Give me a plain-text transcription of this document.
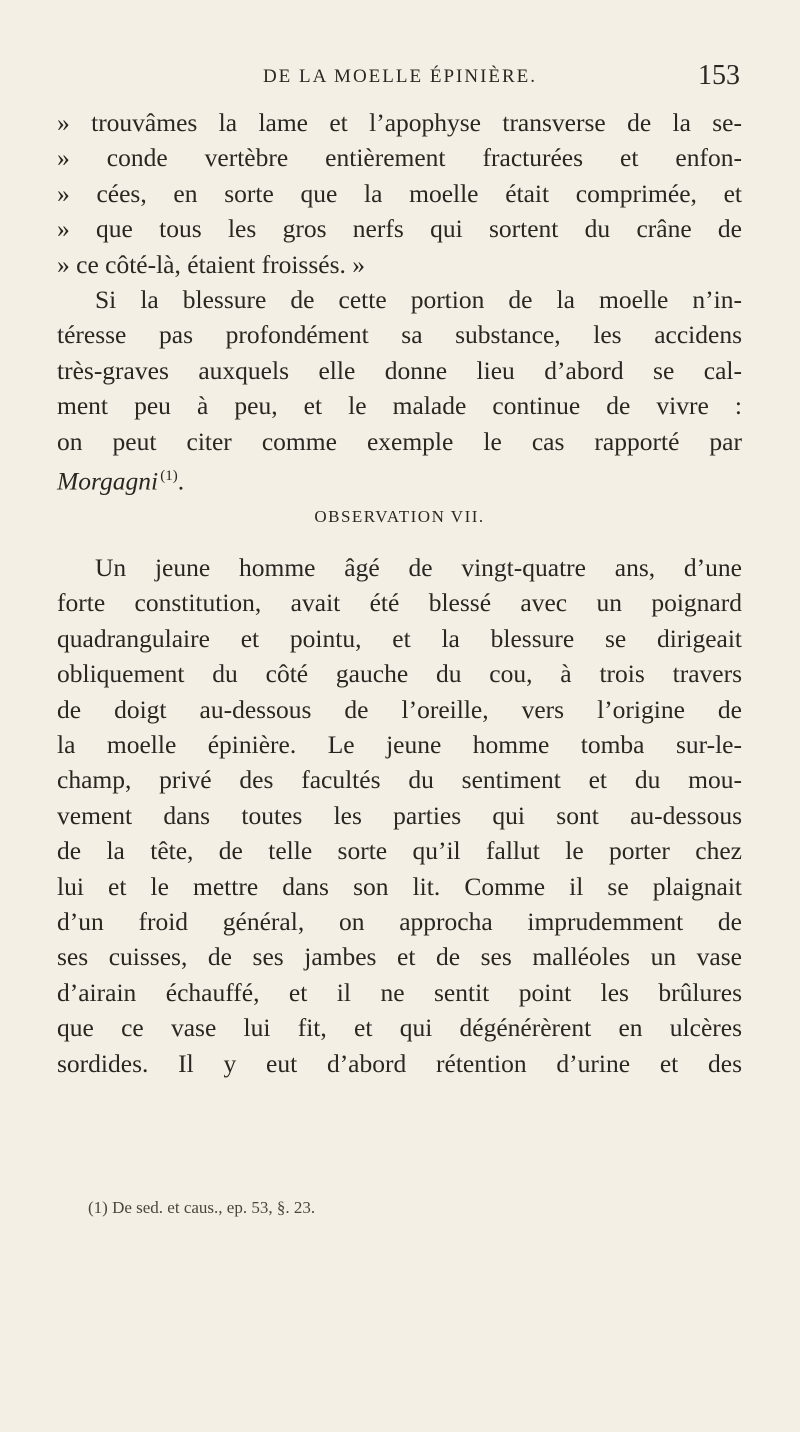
DE LA MOELLE ÉPINIÈRE.	153
» trouvâmes la lame et l’apophyse transverse de la se-
» conde vertèbre entièrement fracturées et enfon-
» cées, en sorte que la moelle était comprimée, et
» que tous les gros nerfs qui sortent du crâne de
» ce côté-là, étaient froissés. »
Si la blessure de cette portion de la moelle n’in-
téresse pas profondément sa substance, les accidens
très-graves auxquels elle donne lieu d’abord se cal-
ment peu à peu, et le malade continue de vivre :
on peut citer comme exemple le cas rapporté par
Morgagni  $^{(1)}$.
OBSERVATION VII.
Un jeune homme âgé de vingt-quatre ans, d’une
forte constitution, avait été blessé avec un poignard
quadrangulaire et pointu, et la blessure se dirigeait
obliquement du côté gauche du cou, à trois travers
de doigt au-dessous de l’oreille, vers l’origine de
la moelle épinière. Le jeune homme tomba sur-le-
champ, privé des facultés du sentiment et du mou-
vement dans toutes les parties qui sont au-dessous
de la tête, de telle sorte qu’il fallut le porter chez
lui et le mettre dans son lit. Comme il se plaignait
d’un froid général, on approcha imprudemment de
ses cuisses, de ses jambes et de ses malléoles un vase
d’airain échauffé, et il ne sentit point les brûlures
que ce vase lui fit, et qui dégénérèrent en ulcères
sordides. Il y eut d’abord rétention d’urine et des
(1) De sed. et caus., ep. 53, §. 23.
